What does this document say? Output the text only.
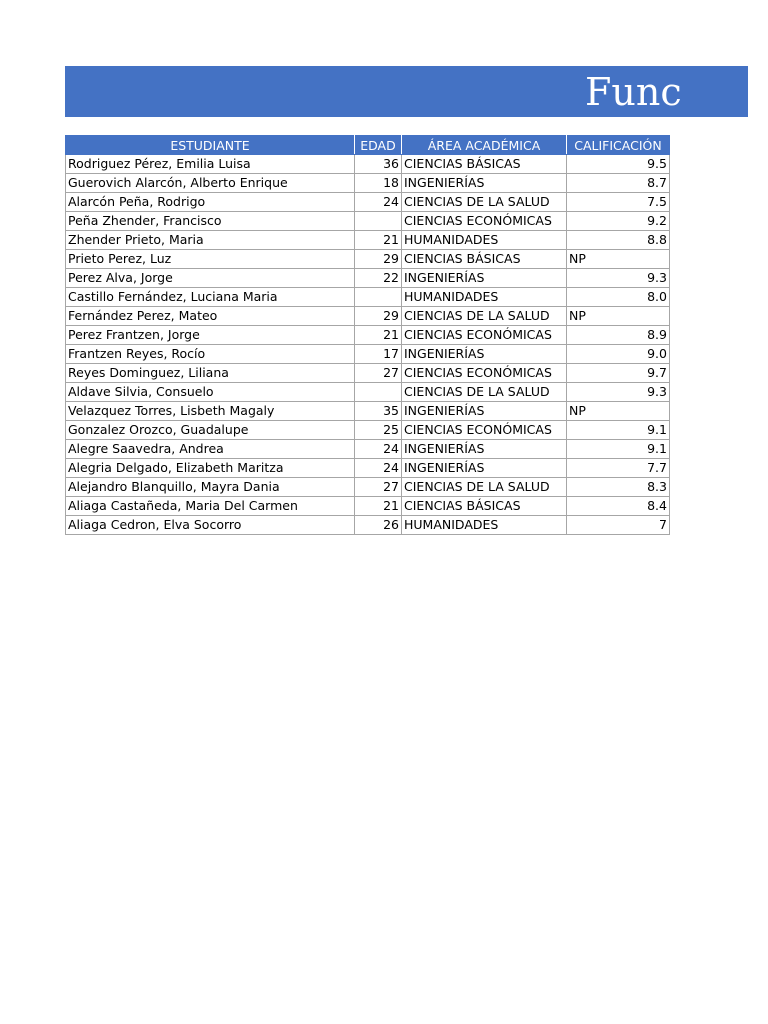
Func
ESTUDIANTE	EDAD	ÁREA ACADÉMICA	CALIFICACIÓN
Rodriguez Pérez, Emilia Luisa	36	CIENCIAS BÁSICAS	9.5
Guerovich Alarcón, Alberto Enrique	18	INGENIERÍAS	8.7
Alarcón Peña, Rodrigo	24	CIENCIAS DE LA SALUD	7.5
Peña Zhender, Francisco		CIENCIAS ECONÓMICAS	9.2
Zhender Prieto, Maria	21	HUMANIDADES	8.8
Prieto Perez, Luz	29	CIENCIAS BÁSICAS	NP
Perez Alva, Jorge	22	INGENIERÍAS	9.3
Castillo Fernández, Luciana Maria		HUMANIDADES	8.0
Fernández Perez, Mateo	29	CIENCIAS DE LA SALUD	NP
Perez Frantzen, Jorge	21	CIENCIAS ECONÓMICAS	8.9
Frantzen Reyes, Rocío	17	INGENIERÍAS	9.0
Reyes Dominguez, Liliana	27	CIENCIAS ECONÓMICAS	9.7
Aldave Silvia, Consuelo		CIENCIAS DE LA SALUD	9.3
Velazquez Torres, Lisbeth Magaly	35	INGENIERÍAS	NP
Gonzalez Orozco, Guadalupe	25	CIENCIAS ECONÓMICAS	9.1
Alegre Saavedra, Andrea	24	INGENIERÍAS	9.1
Alegria Delgado, Elizabeth Maritza	24	INGENIERÍAS	7.7
Alejandro Blanquillo, Mayra Dania	27	CIENCIAS DE LA SALUD	8.3
Aliaga Castañeda, Maria Del Carmen	21	CIENCIAS BÁSICAS	8.4
Aliaga Cedron, Elva Socorro	26	HUMANIDADES	7
